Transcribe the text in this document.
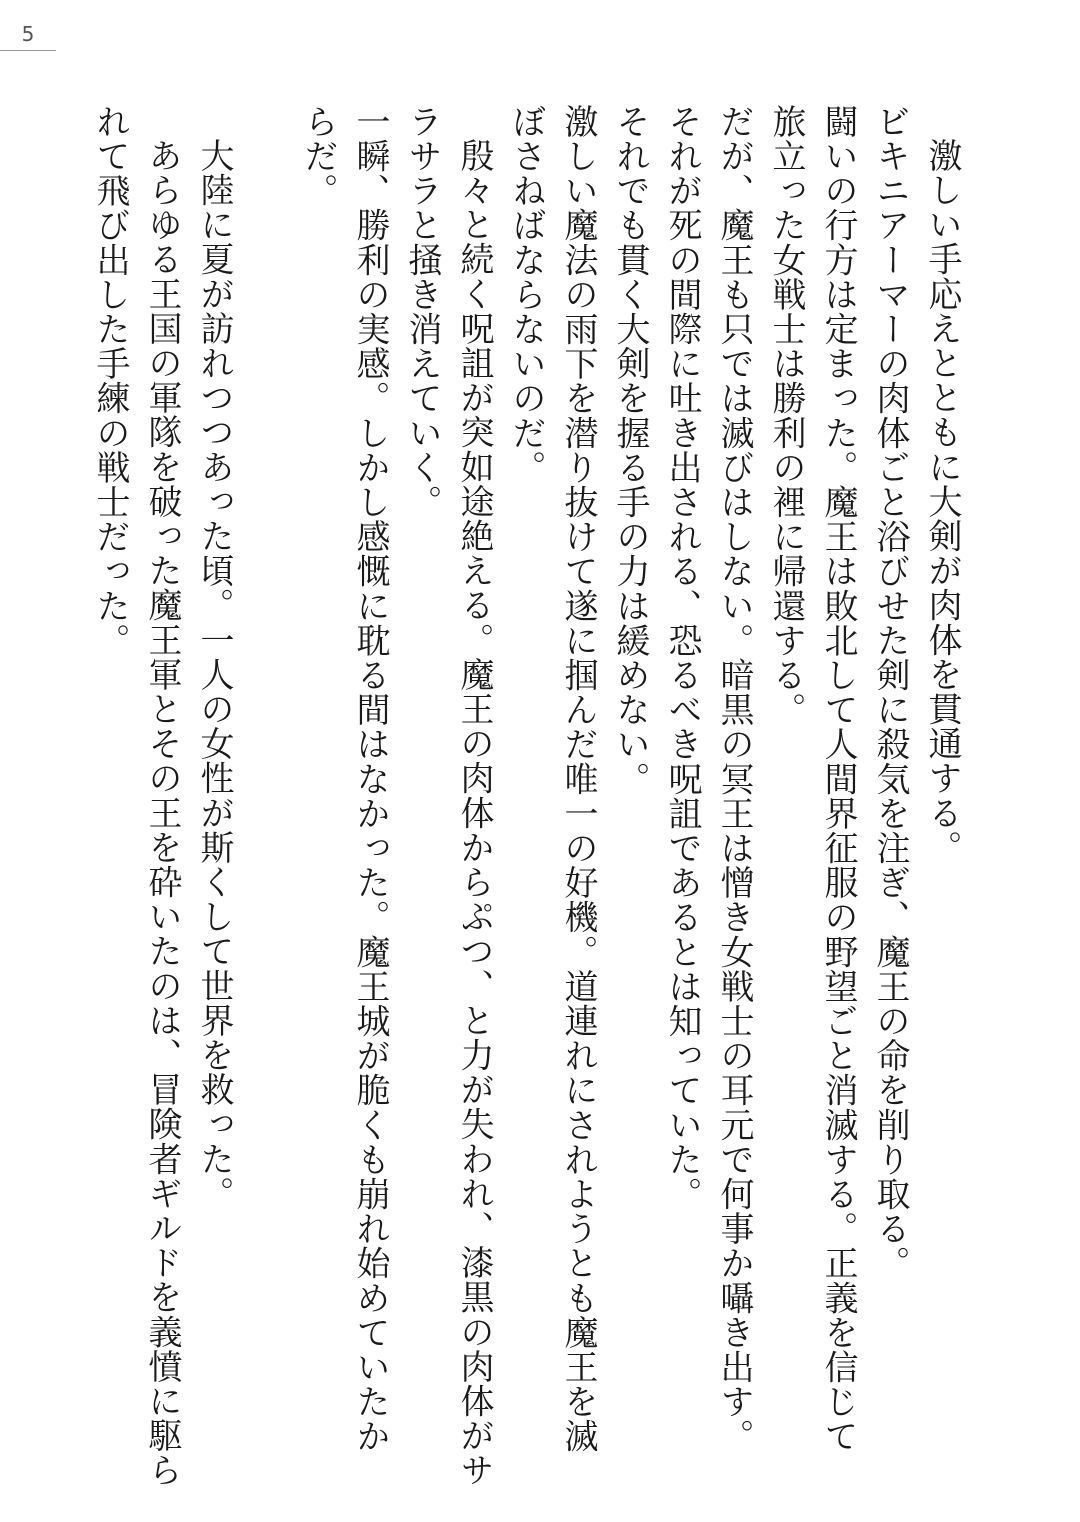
5
激しい手応えとともに大剣が肉体を貫通する。
ビキニアーマーの肉体ごと浴びせた剣に殺気を注ぎ、魔王の命を削り取る。
闘いの行方は定まった。魔王は敗北して人間界征服の野望ごと消滅する。正義を信じて
旅立った女戦士は勝利の裡に帰還する。
だが、魔王も只では滅びはしない。暗黒の冥王は憎き女戦士の耳元で何事か囁き出す。
それが死の間際に吐き出される、恐るべき呪詛であるとは知っていた。
それでも貫く大剣を握る手の力は緩めない。
激しい魔法の雨下を潜り抜けて遂に掴んだ唯一の好機。道連れにされようとも魔王を滅
ぼさねばならないのだ。
殷々と続く呪詛が突如途絶える。魔王の肉体からぷつ、と力が失われ、漆黒の肉体がサ
ラサラと掻き消えていく。
一瞬、勝利の実感。しかし感慨に耽る間はなかった。魔王城が脆くも崩れ始めていたか
らだ。
大陸に夏が訪れつつあった頃。一人の女性が斯くして世界を救った。
あらゆる王国の軍隊を破った魔王軍とその王を砕いたのは、冒険者ギルドを義憤に駆ら
れて飛び出した手練の戦士だった。
